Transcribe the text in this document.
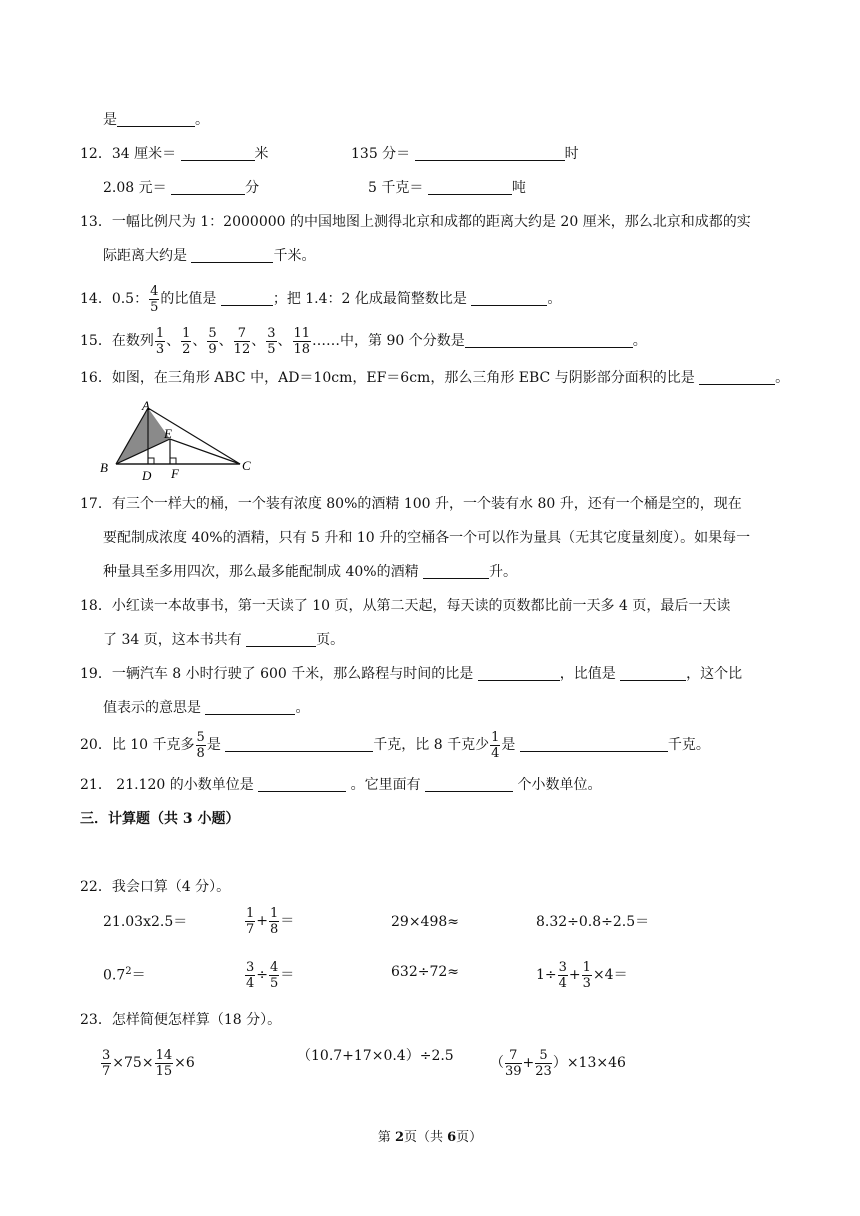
是	。
12．34 厘米＝	米	135 分＝	时
2.08 元＝	分	5 千克＝	吨
13．一幅比例尺为 1：2000000 的中国地图上测得北京和成都的距离大约是 20 厘米，那么北京和成都的实
际距离大约是	千米。
14．0.5： $\frac{4}{5}$ 的比值是	；把 1.4：2 化成最简整数比是	。
15．在数列 $\frac{1}{3}$ 、 $\frac{1}{2}$ 、 $\frac{5}{9}$ 、 $\frac{7}{12}$ 、 $\frac{3}{5}$ 、 $\frac{11}{18}$ ……中，第 90 个分数是	。
16．如图，在三角形 ABC 中，AD＝10cm，EF＝6cm，那么三角形 EBC 与阴影部分面积的比是	。
A
B	C
D
E
F
17．有三个一样大的桶，一个装有浓度 80%的酒精 100 升，一个装有水 80 升，还有一个桶是空的，现在
要配制成浓度 40%的酒精，只有 5 升和 10 升的空桶各一个可以作为量具（无其它度量刻度）。如果每一
种量具至多用四次，那么最多能配制成 40%的酒精	升。
18．小红读一本故事书，第一天读了 10 页，从第二天起，每天读的页数都比前一天多 4 页，最后一天读
了 34 页，这本书共有	页。
19．一辆汽车 8 小时行驶了 600 千米，那么路程与时间的比是	，比值是	，这个比
值表示的意思是	。
20．比 10 千克多 $\frac{5}{8}$ 是	千克，比 8 千克少 $\frac{1}{4}$ 是	千克。
21． 21.120 的小数单位是	。它里面有	个小数单位。
三．计算题（共 3 小题）
22．我会口算（4 分）。
21.03x2.5＝	$\frac{1}{7} + \frac{1}{8}$ ＝	29×498≈	8.32÷0.8÷2.5＝
$0.7^2=$	$\frac{3}{4} \div \frac{4}{5}$ ＝	632÷72≈	$1\div \frac{3}{4} + \frac{1}{3} \times 4=$
23．怎样简便怎样算（18 分）。
$\frac{3}{7} \times 75\times \frac{14}{15} \times 6$	（10.7+17×0.4）÷2.5	（ $\frac{7}{39} + \frac{5}{23} )\times 13\times 46$
第 2页（共 6页）
